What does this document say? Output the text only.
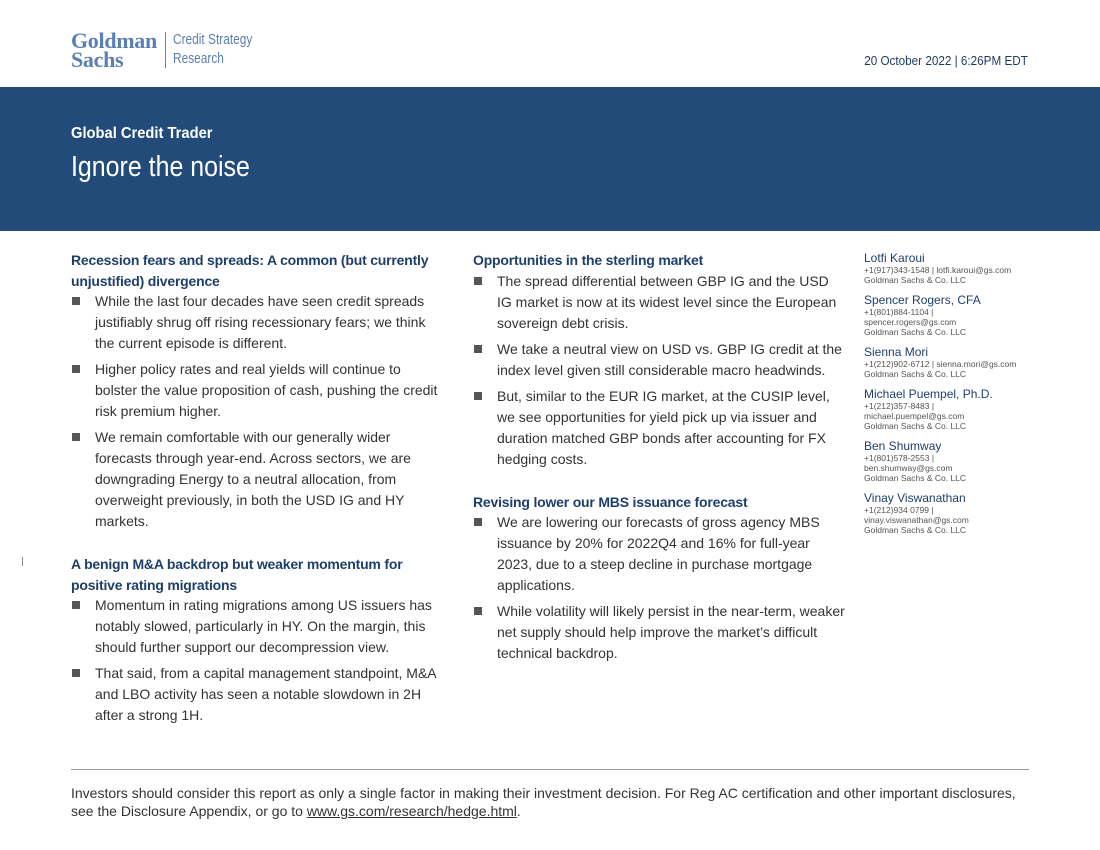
Goldman
Sachs
Credit Strategy
Research	20 October 2022 | 6:26PM EDT
Global Credit Trader
Ignore the noise
Recession fears and spreads: A common (but currently unjustified) divergence
While the last four decades have seen credit spreads justifiably shrug off rising recessionary fears; we think the current episode is different.
Higher policy rates and real yields will continue to bolster the value proposition of cash, pushing the credit risk premium higher.
We remain comfortable with our generally wider forecasts through year-end. Across sectors, we are downgrading Energy to a neutral allocation, from overweight previously, in both the USD IG and HY markets.
A benign M&A backdrop but weaker momentum for positive rating migrations
Momentum in rating migrations among US issuers has notably slowed, particularly in HY. On the margin, this should further support our decompression view.
That said, from a capital management standpoint, M&A and LBO activity has seen a notable slowdown in 2H after a strong 1H.
Opportunities in the sterling market
The spread differential between GBP IG and the USD IG market is now at its widest level since the European sovereign debt crisis.
We take a neutral view on USD vs. GBP IG credit at the index level given still considerable macro headwinds.
But, similar to the EUR IG market, at the CUSIP level, we see opportunities for yield pick up via issuer and duration matched GBP bonds after accounting for FX hedging costs.
Revising lower our MBS issuance forecast
We are lowering our forecasts of gross agency MBS issuance by 20% for 2022Q4 and 16% for full-year 2023, due to a steep decline in purchase mortgage applications.
While volatility will likely persist in the near-term, weaker net supply should help improve the market’s difficult technical backdrop.
Lotfi Karoui
+1(917)343-1548 | lotfi.karoui@gs.com
Goldman Sachs & Co. LLC
Spencer Rogers, CFA
+1(801)884-1104 |
spencer.rogers@gs.com
Goldman Sachs & Co. LLC
Sienna Mori
+1(212)902-6712 | sienna.mori@gs.com
Goldman Sachs & Co. LLC
Michael Puempel, Ph.D.
+1(212)357-8483 |
michael.puempel@gs.com
Goldman Sachs & Co. LLC
Ben Shumway
+1(801)578-2553 |
ben.shumway@gs.com
Goldman Sachs & Co. LLC
Vinay Viswanathan
+1(212)934 0799 |
vinay.viswanathan@gs.com
Goldman Sachs & Co. LLC
Investors should consider this report as only a single factor in making their investment decision. For Reg AC certification and other important disclosures, see the Disclosure Appendix, or go to www.gs.com/research/hedge.html.
